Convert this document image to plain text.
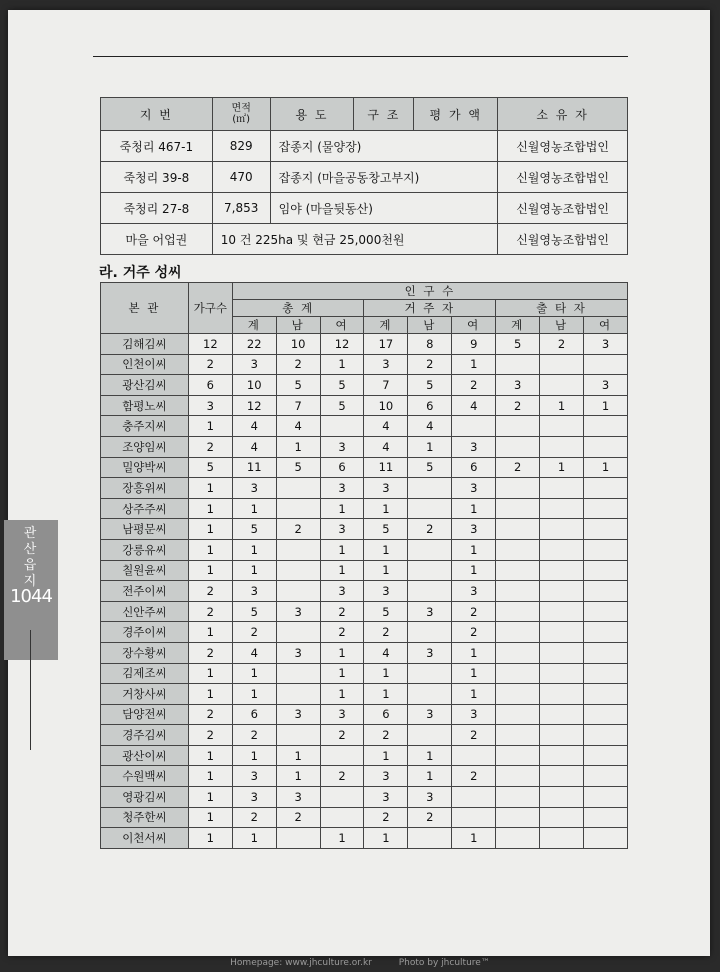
지 번	면적
(㎡)	용 도	구 조	평 가 액	소 유 자
죽청리 467-1	829	잡종지 (물양장)			신월영농조합법인
죽청리 39-8	470	잡종지 (마을공동창고부지)			신월영농조합법인
죽청리 27-8	7,853	임야 (마을뒷동산)			신월영농조합법인
마을 어업권	10 건 225ha 및 현금 25,000천원				신월영농조합법인
라. 거주 성씨
본 관	가구수	인 구 수								
		총 계			거 주 자			출 타 자		
		계	남	여	계	남	여	계	남	여
김해김씨	12	22	10	12	17	8	9	5	2	3
인천이씨	2	3	2	1	3	2	1			
광산김씨	6	10	5	5	7	5	2	3		3
함평노씨	3	12	7	5	10	6	4	2	1	1
충주지씨	1	4	4		4	4				
조양임씨	2	4	1	3	4	1	3			
밀양박씨	5	11	5	6	11	5	6	2	1	1
장흥위씨	1	3		3	3		3			
상주주씨	1	1		1	1		1			
남평문씨	1	5	2	3	5	2	3			
강릉유씨	1	1		1	1		1			
칠원윤씨	1	1		1	1		1			
전주이씨	2	3		3	3		3			
신안주씨	2	5	3	2	5	3	2			
경주이씨	1	2		2	2		2			
장수황씨	2	4	3	1	4	3	1			
김제조씨	1	1		1	1		1			
거창사씨	1	1		1	1		1			
담양전씨	2	6	3	3	6	3	3			
경주김씨	2	2		2	2		2			
광산이씨	1	1	1		1	1				
수원백씨	1	3	1	2	3	1	2			
영광김씨	1	3	3		3	3				
청주한씨	1	2	2		2	2				
이천서씨	1	1		1	1		1			
관산읍지
1044
Homepage: www.jhculture.or.kr	Photo by jhculture™
